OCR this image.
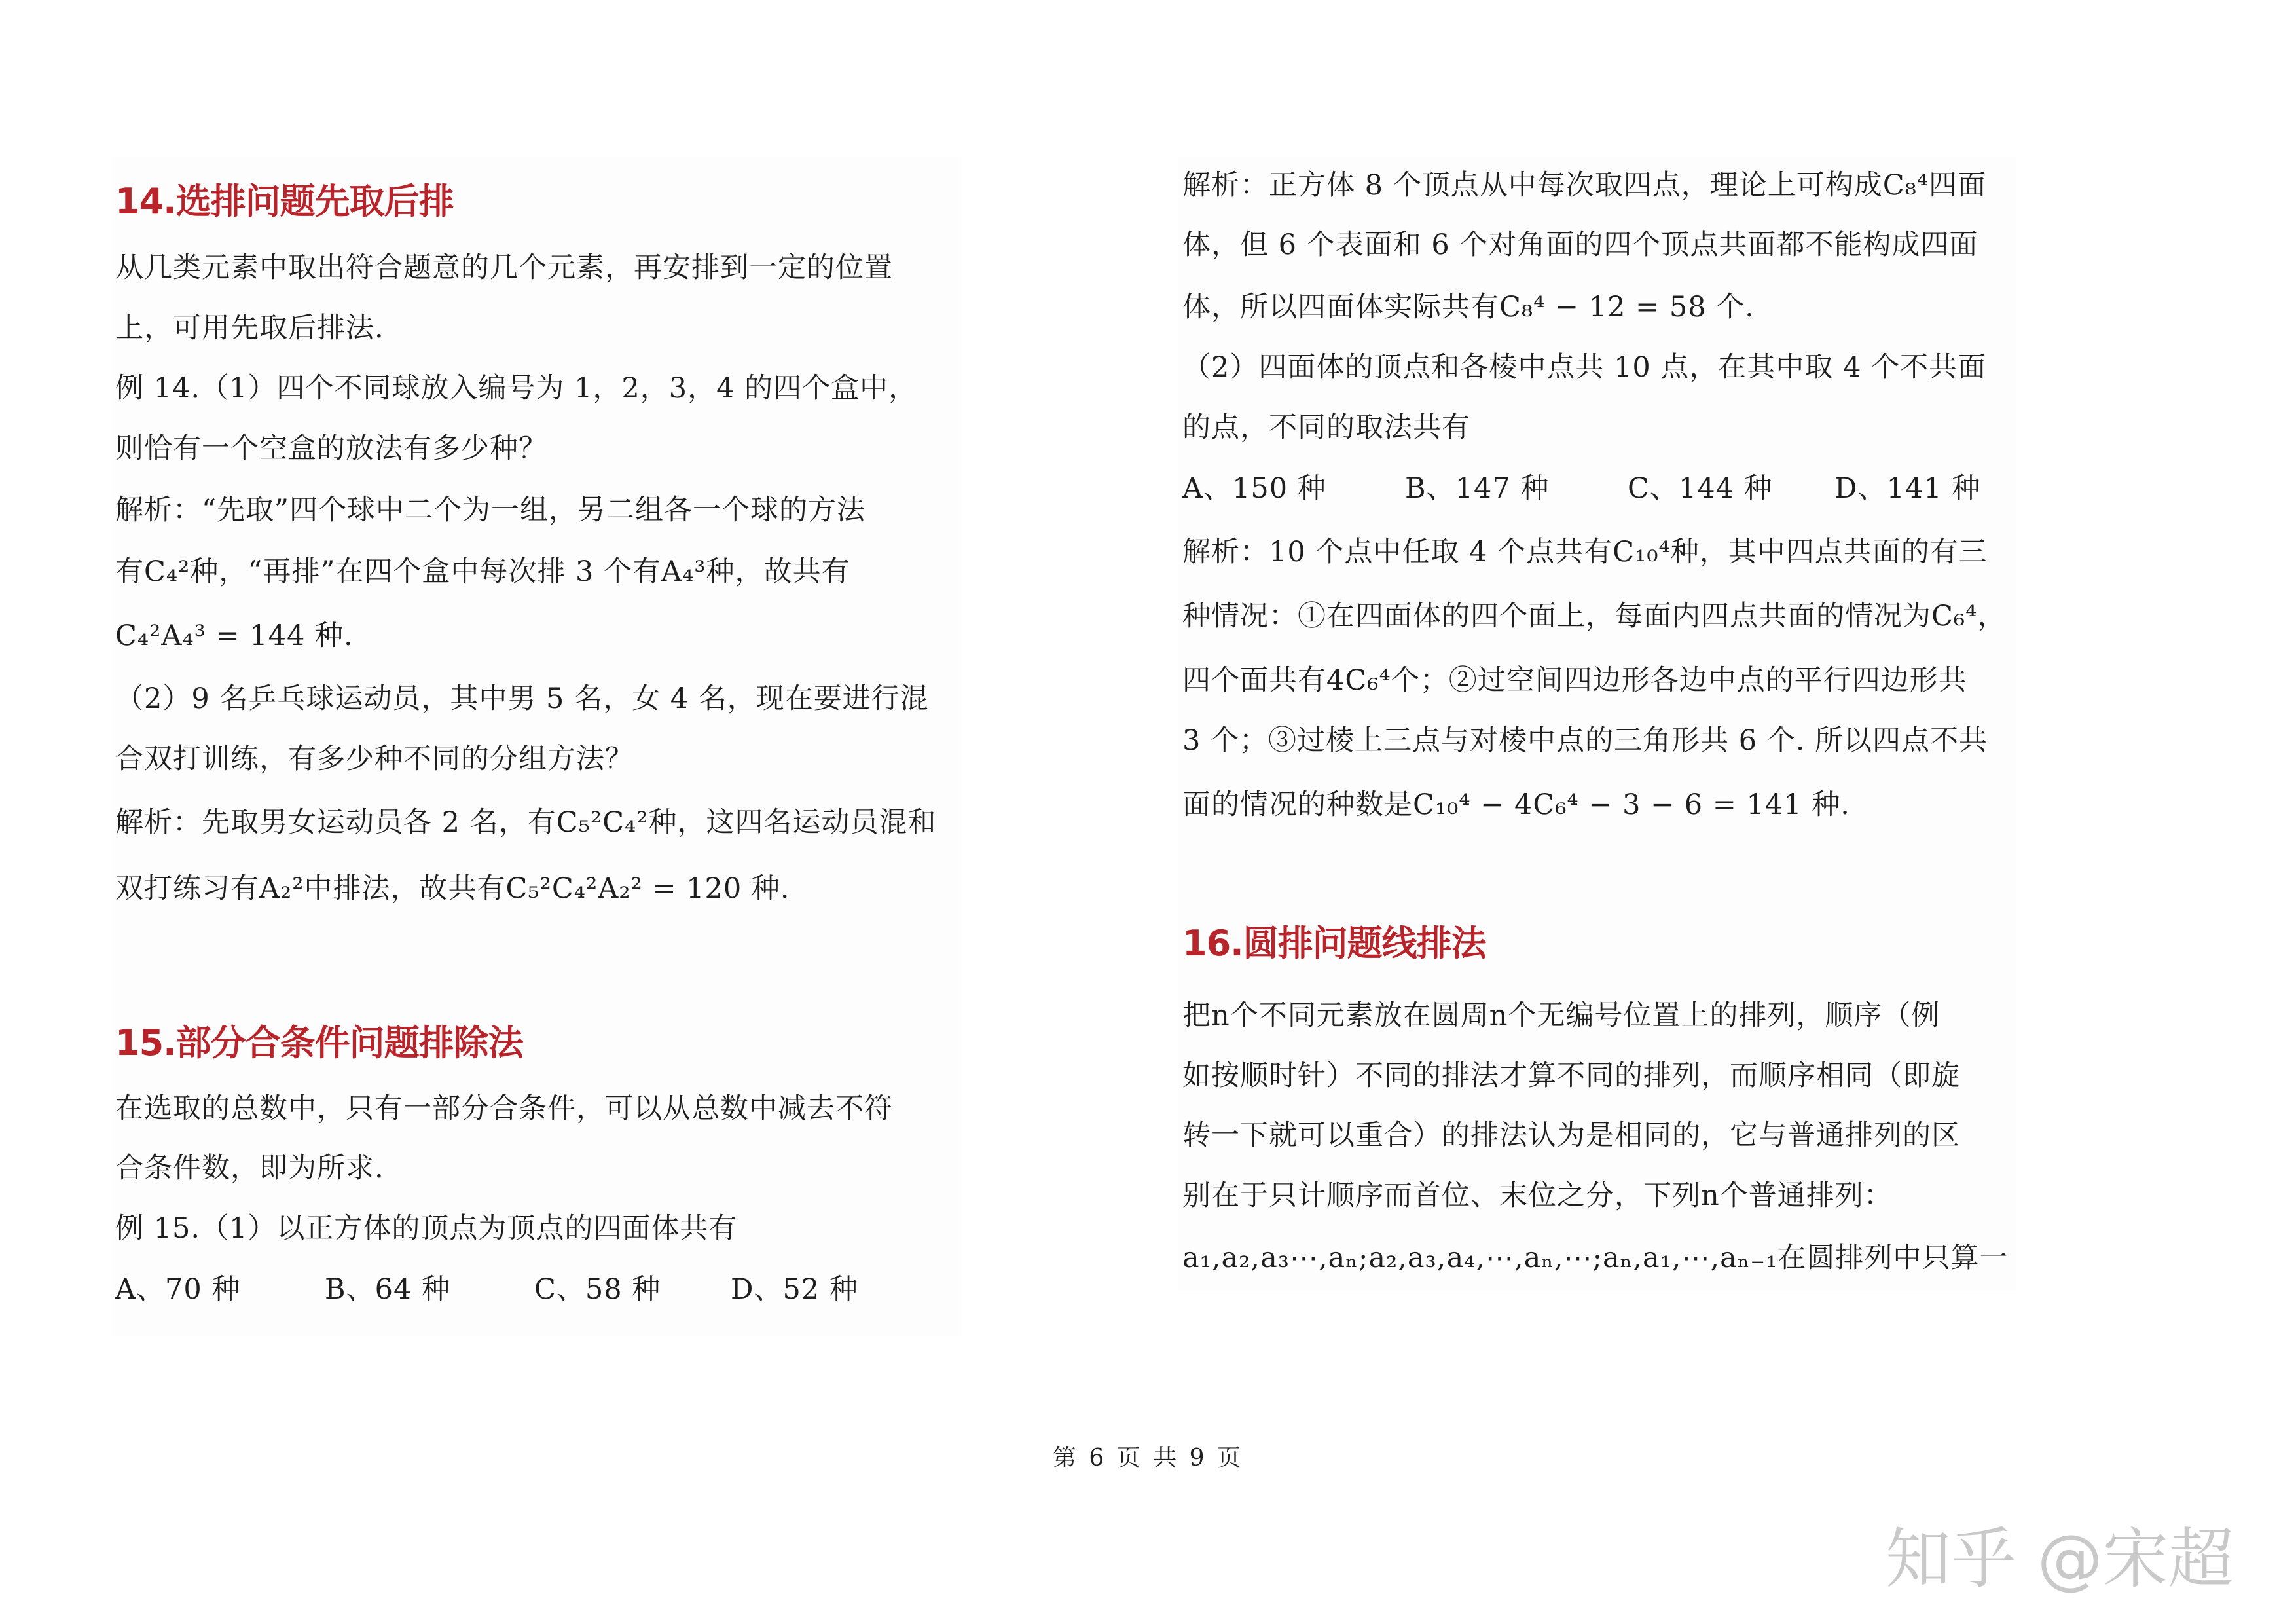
14.选排问题先取后排
从几类元素中取出符合题意的几个元素，再安排到一定的位置
上，可用先取后排法.
例 14.（1）四个不同球放入编号为 1，2，3，4 的四个盒中，
则恰有一个空盒的放法有多少种？
解析：“先取”四个球中二个为一组，另二组各一个球的方法
有C₄²种，“再排”在四个盒中每次排 3 个有A₄³种，故共有
C₄²A₄³ = 144 种.
（2）9 名乒乓球运动员，其中男 5 名，女 4 名，现在要进行混
合双打训练，有多少种不同的分组方法？
解析：先取男女运动员各 2 名，有C₅²C₄²种，这四名运动员混和
双打练习有A₂²中排法，故共有C₅²C₄²A₂² = 120 种.
15.部分合条件问题排除法
在选取的总数中，只有一部分合条件，可以从总数中减去不符
合条件数，即为所求.
例 15.（1）以正方体的顶点为顶点的四面体共有
A、70 种	B、64 种	C、58 种 D、52 种
解析：正方体 8 个顶点从中每次取四点，理论上可构成C₈⁴四面
体，但 6 个表面和 6 个对角面的四个顶点共面都不能构成四面
体，所以四面体实际共有C₈⁴ − 12 = 58 个.
（2）四面体的顶点和各棱中点共 10 点，在其中取 4 个不共面
的点，不同的取法共有
A、150 种	B、147 种	C、144 种 D、141 种
解析：10 个点中任取 4 个点共有C₁₀⁴种，其中四点共面的有三
种情况：①在四面体的四个面上，每面内四点共面的情况为C₆⁴，
四个面共有4C₆⁴个；②过空间四边形各边中点的平行四边形共
3 个；③过棱上三点与对棱中点的三角形共 6 个. 所以四点不共
面的情况的种数是C₁₀⁴ − 4C₆⁴ − 3 − 6 = 141 种.
16.圆排问题线排法
把n个不同元素放在圆周n个无编号位置上的排列，顺序（例
如按顺时针）不同的排法才算不同的排列，而顺序相同（即旋
转一下就可以重合）的排法认为是相同的，它与普通排列的区
别在于只计顺序而首位、末位之分，下列n个普通排列：
a₁,a₂,a₃⋯,aₙ;a₂,a₃,a₄,⋯,aₙ,⋯;aₙ,a₁,⋯,aₙ₋₁在圆排列中只算一
第 6 页 共 9 页
知乎 @宋超
